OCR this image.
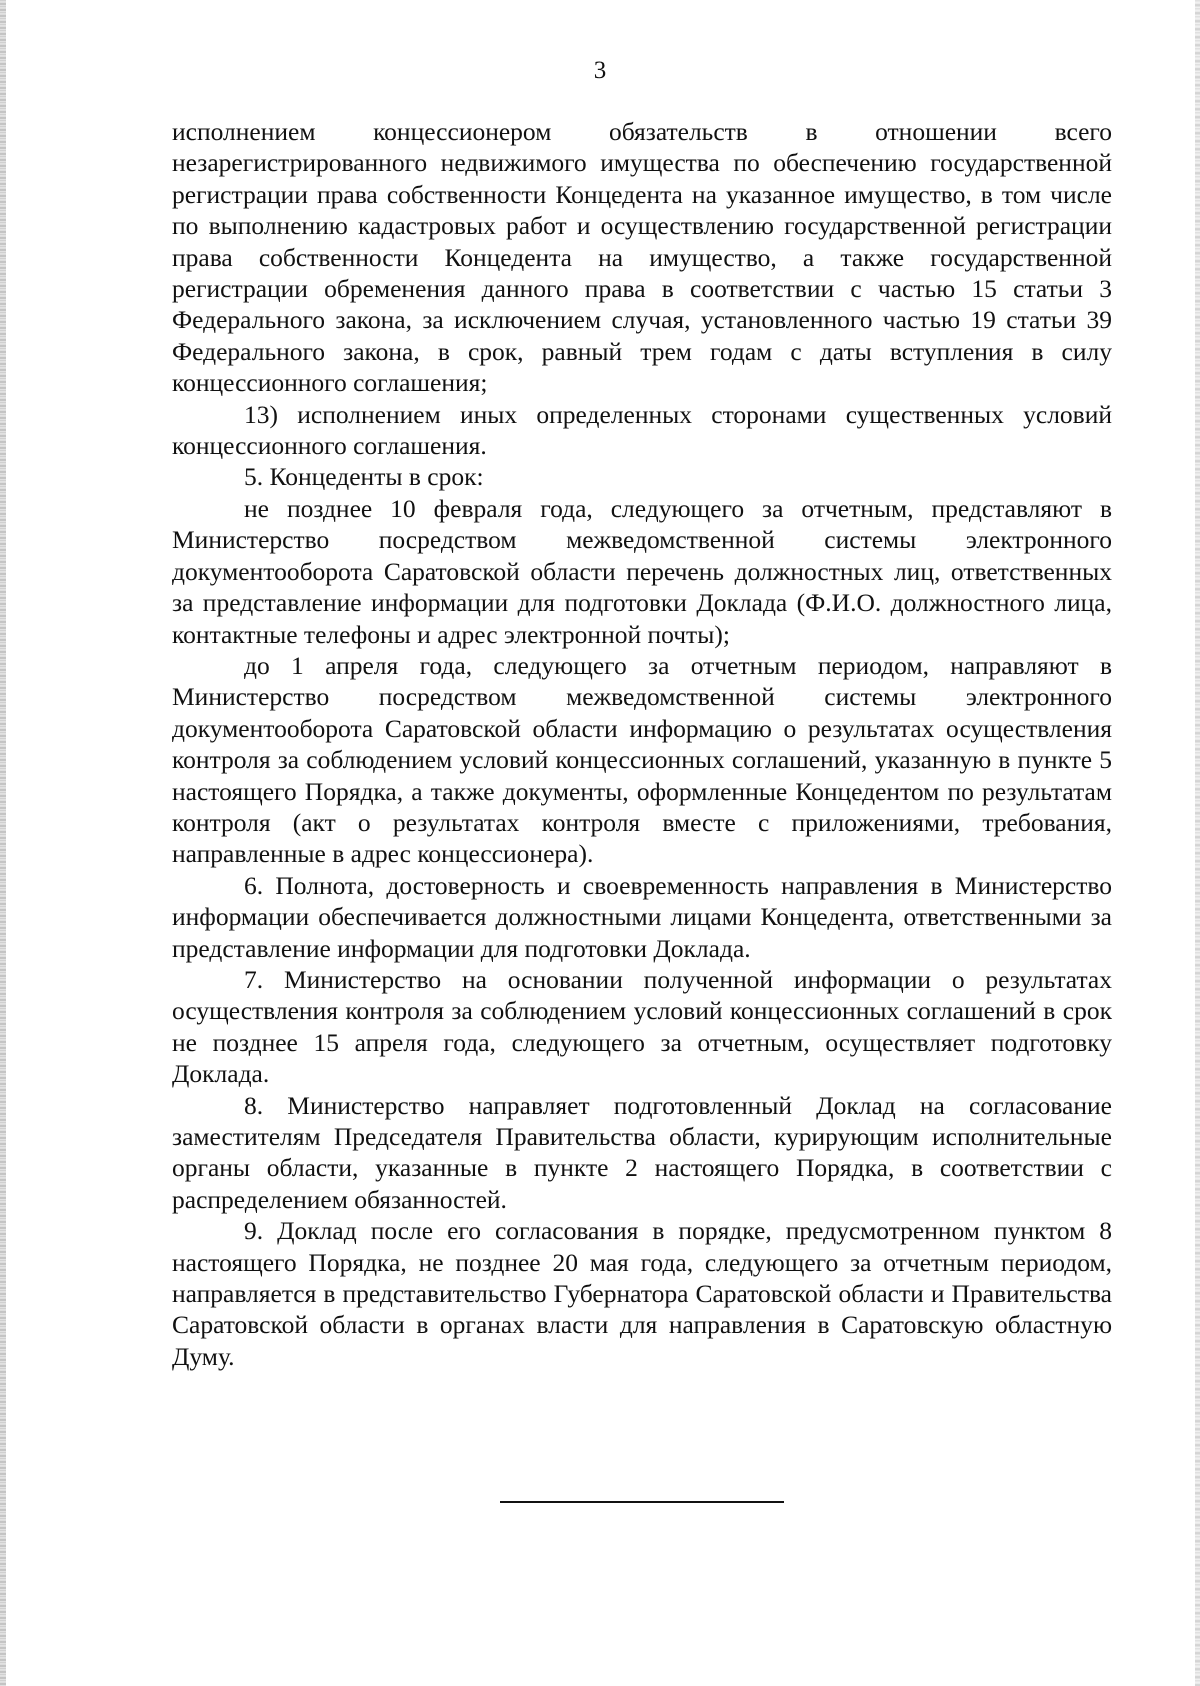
3

исполнением концессионером обязательств в отношении всего незарегистрированного недвижимого имущества по обеспечению государственной регистрации права собственности Концедента на указанное имущество, в том числе по выполнению кадастровых работ и осуществлению государственной регистрации права собственности Концедента на имущество, а также государственной регистрации обременения данного права в соответствии с частью 15 статьи 3 Федерального закона, за исключением случая, установленного частью 19 статьи 39 Федерального закона, в срок, равный трем годам с даты вступления в силу концессионного соглашения;

13) исполнением иных определенных сторонами существенных условий концессионного соглашения.

5. Концеденты в срок:

не позднее 10 февраля года, следующего за отчетным, представляют в Министерство посредством межведомственной системы электронного документооборота Саратовской области перечень должностных лиц, ответственных за представление информации для подготовки Доклада (Ф.И.О. должностного лица, контактные телефоны и адрес электронной почты);

до 1 апреля года, следующего за отчетным периодом, направляют в Министерство посредством межведомственной системы электронного документооборота Саратовской области информацию о результатах осуществления контроля за соблюдением условий концессионных соглашений, указанную в пункте 5 настоящего Порядка, а также документы, оформленные Концедентом по результатам контроля (акт о результатах контроля вместе с приложениями, требования, направленные в адрес концессионера).

6. Полнота, достоверность и своевременность направления в Министерство информации обеспечивается должностными лицами Концедента, ответственными за представление информации для подготовки Доклада.

7. Министерство на основании полученной информации о результатах осуществления контроля за соблюдением условий концессионных соглашений в срок не позднее 15 апреля года, следующего за отчетным, осуществляет подготовку Доклада.

8. Министерство направляет подготовленный Доклад на согласование заместителям Председателя Правительства области, курирующим исполнительные органы области, указанные в пункте 2 настоящего Порядка, в соответствии с распределением обязанностей.

9. Доклад после его согласования в порядке, предусмотренном пунктом 8 настоящего Порядка, не позднее 20 мая года, следующего за отчетным периодом, направляется в представительство Губернатора Саратовской области и Правительства Саратовской области в органах власти для направления в Саратовскую областную Думу.
